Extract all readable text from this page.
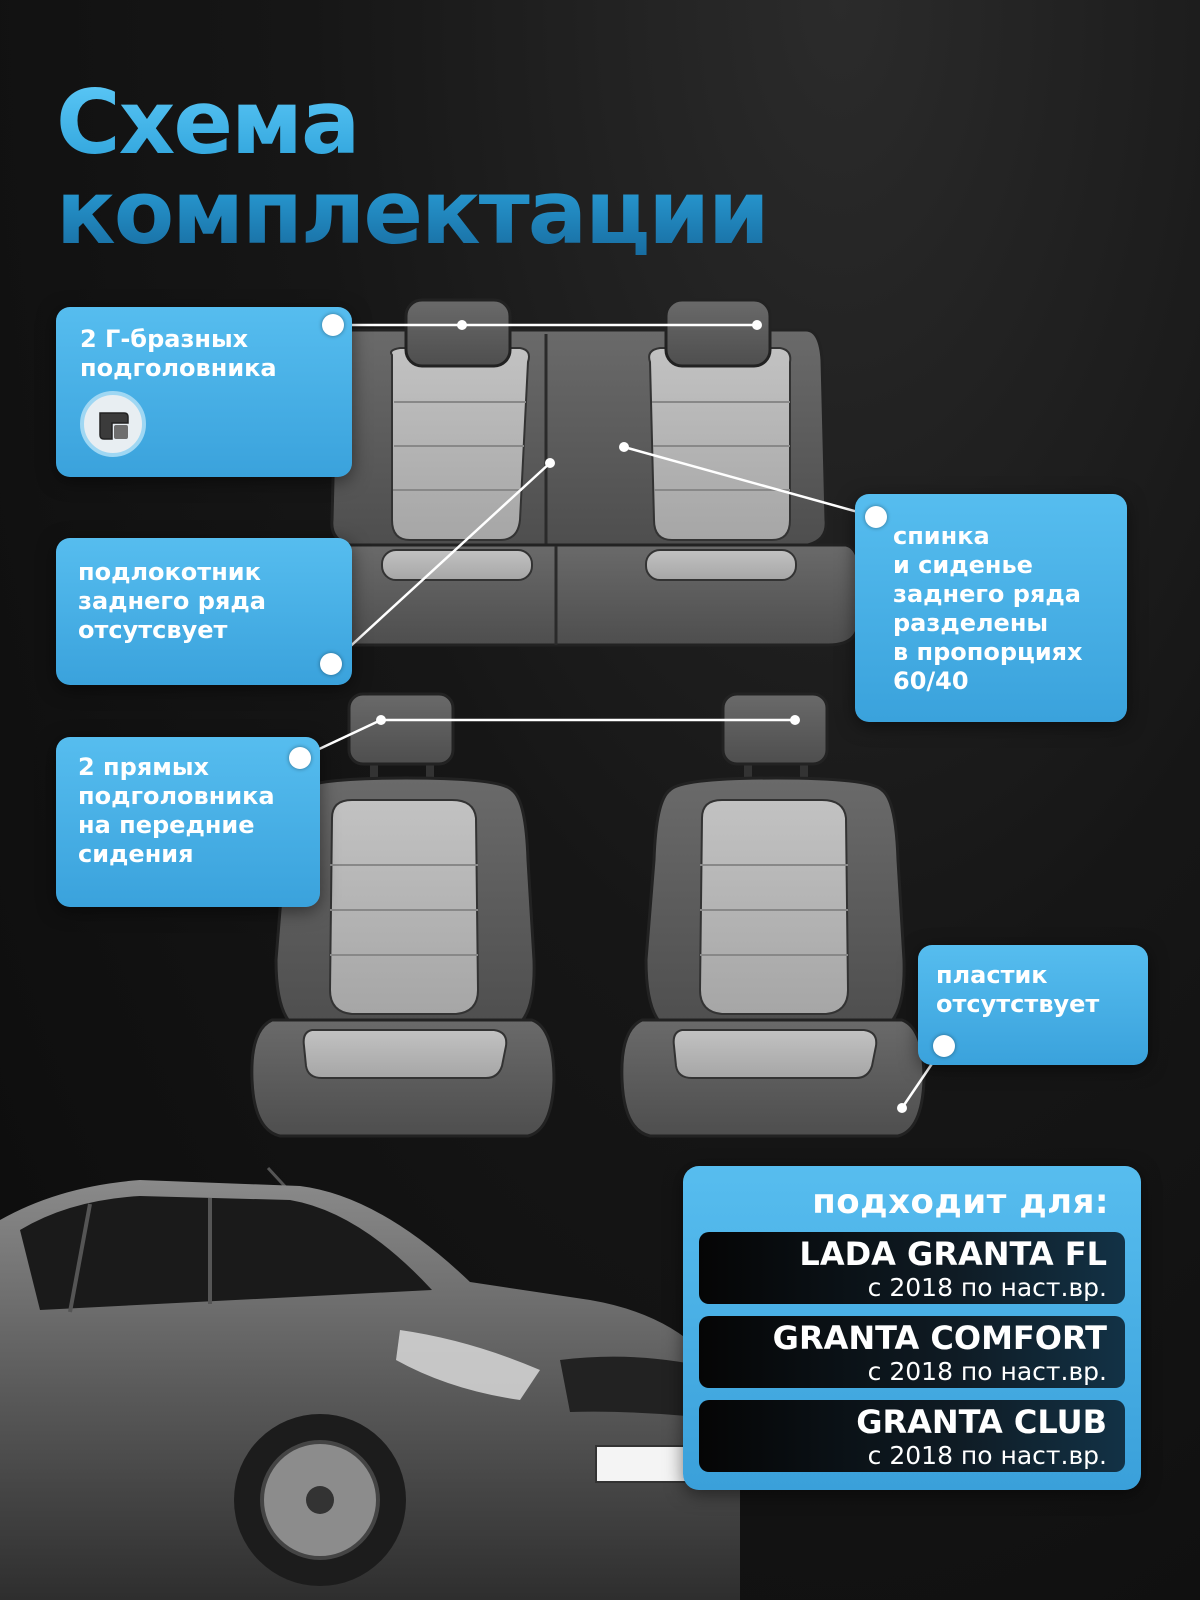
Схема
комплектации
2 Г-бразных
подголовника
подлокотник
заднего ряда
отсутсвует
спинка
и сиденье
заднего ряда
разделены
в пропорциях
60/40
2 прямых
подголовника
на передние
сидения
пластик
отсутствует
подходит для:
LADA GRANTA FL
с 2018 по наст.вр.
GRANTA COMFORT
с 2018 по наст.вр.
GRANTA CLUB
с 2018 по наст.вр.
